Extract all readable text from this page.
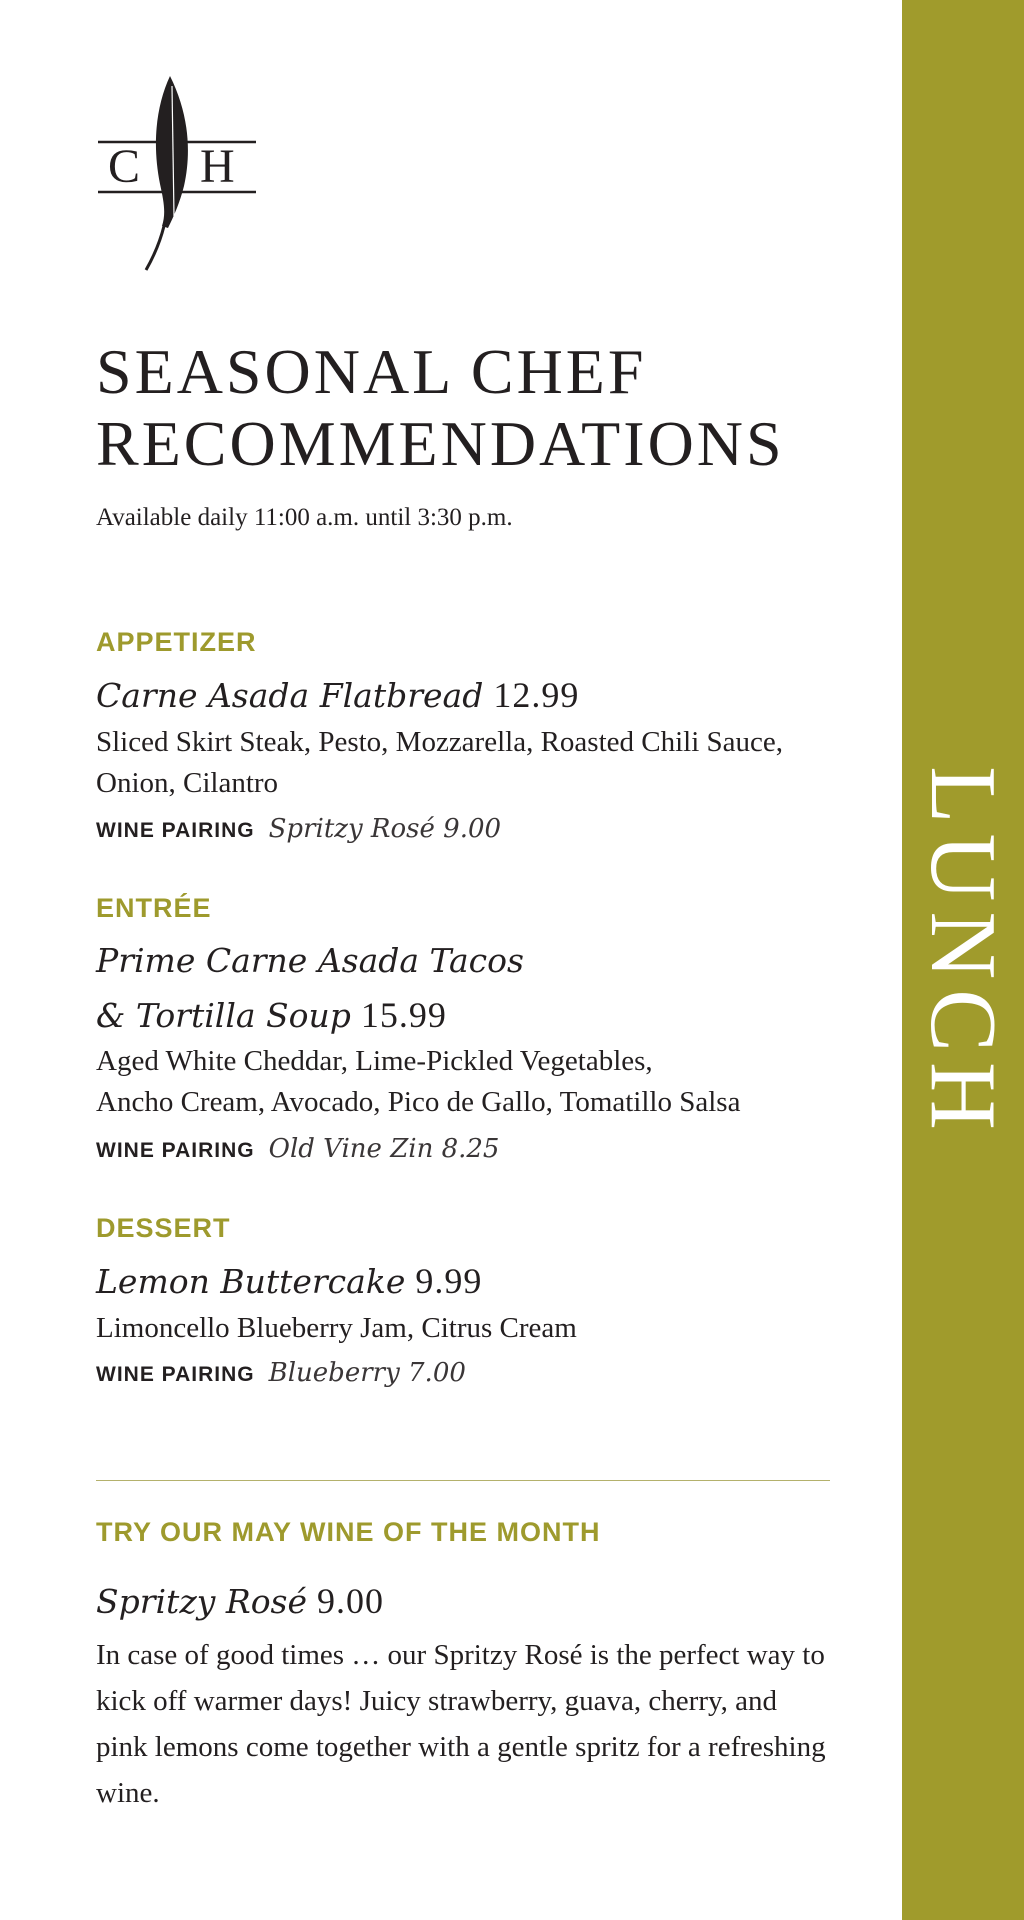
C H
SEASONAL CHEF
RECOMMENDATIONS
Available daily 11:00 a.m. until 3:30 p.m.
APPETIZER
Carne Asada Flatbread 12.99
Sliced Skirt Steak, Pesto, Mozzarella, Roasted Chili Sauce, Onion, Cilantro
WINE PAIRING Spritzy Rosé 9.00
ENTRÉE
Prime Carne Asada Tacos
& Tortilla Soup 15.99
Aged White Cheddar, Lime-Pickled Vegetables,
Ancho Cream, Avocado, Pico de Gallo, Tomatillo Salsa
WINE PAIRING Old Vine Zin 8.25
DESSERT
Lemon Buttercake 9.99
Limoncello Blueberry Jam, Citrus Cream
WINE PAIRING Blueberry 7.00
TRY OUR MAY WINE OF THE MONTH
Spritzy Rosé 9.00
In case of good times … our Spritzy Rosé is the perfect way to kick off warmer days! Juicy strawberry, guava, cherry, and pink lemons come together with a gentle spritz for a refreshing wine.
LUNCH
